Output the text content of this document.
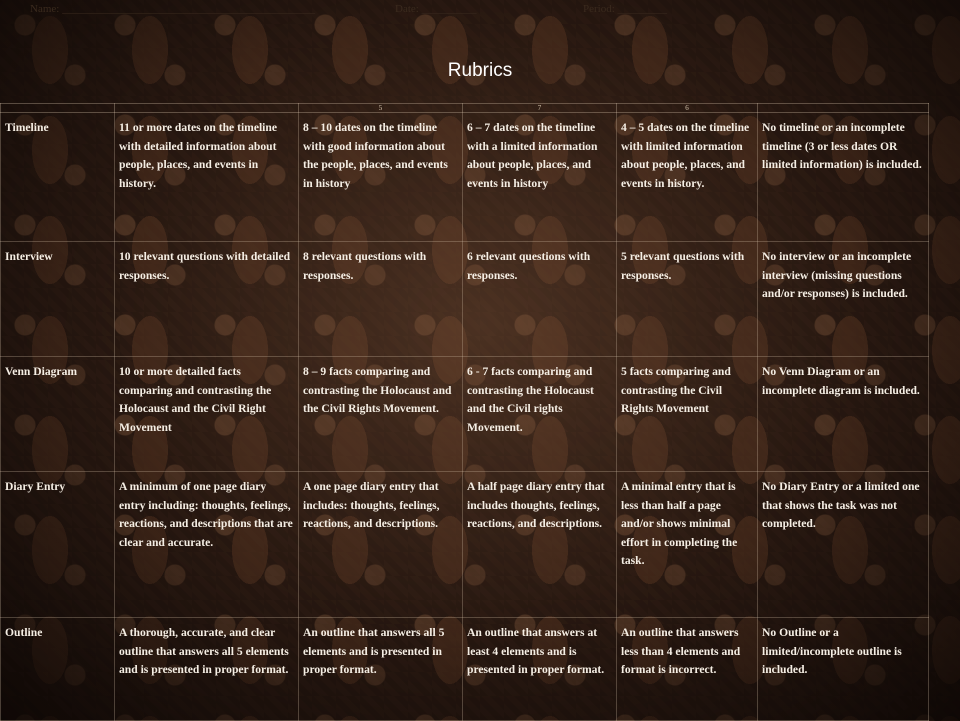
Name: ______________________________________________	Date: __________	Period: _________
Rubrics
		5	7	6	
Timeline	11 or more dates on the timeline with detailed information about people, places, and events in history.	8 – 10 dates on the timeline with good information about the people, places, and events in history	6 – 7 dates on the timeline with a limited information about people, places, and events in history	4 – 5 dates on the timeline with limited information about people, places, and events in history.	No timeline or an incomplete timeline (3 or less dates OR limited information) is included.
Interview	10 relevant questions with detailed responses.	8 relevant questions with responses.	6 relevant questions with responses.	5 relevant questions with responses.	No interview or an incomplete interview (missing questions and/or responses) is included.
Venn Diagram	10 or more detailed facts comparing and contrasting the Holocaust and the Civil Right Movement	8 – 9 facts comparing and contrasting the Holocaust and the Civil Rights Movement.	6 - 7 facts comparing and contrasting the Holocaust and the Civil rights Movement.	5 facts comparing and contrasting the Civil Rights Movement	No Venn Diagram or an incomplete diagram is included.
Diary Entry	A minimum of one page diary entry including: thoughts, feelings, reactions, and descriptions that are clear and accurate.	A one page diary entry that includes: thoughts, feelings, reactions, and descriptions.	A half page diary entry that includes thoughts, feelings, reactions, and descriptions.	A minimal entry that is less than half a page and/or shows minimal effort in completing the task.	No Diary Entry or a limited one that shows the task was not completed.
Outline	A thorough, accurate, and clear outline that answers all 5 elements and is presented in proper format.	An outline that answers all 5 elements and is presented in proper format.	An outline that answers at least 4 elements and is presented in proper format.	An outline that answers less than 4 elements and format is incorrect.	No Outline or a limited/incomplete outline is included.
